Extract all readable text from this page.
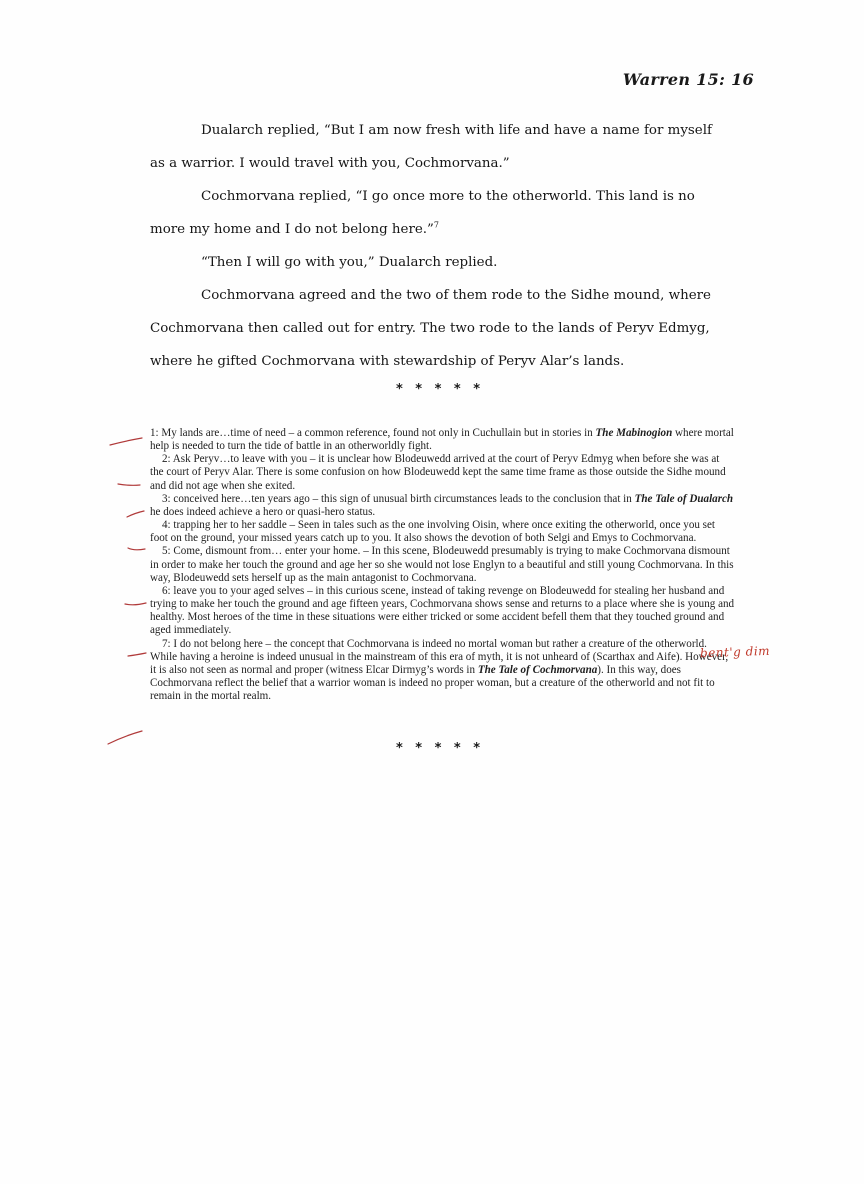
Warren 15: 16

Dualarch replied, “But I am now fresh with life and have a name for myself as a warrior. I would travel with you, Cochmorvana.”

Cochmorvana replied, “I go once more to the otherworld. This land is no more my home and I do not belong here.”$^7$

“Then I will go with you,” Dualarch replied.

Cochmorvana agreed and the two of them rode to the Sidhe mound, where Cochmorvana then called out for entry. The two rode to the lands of Peryv Edmyg, where he gifted Cochmorvana with stewardship of Peryv Alar’s lands.

* * * * *

1: My lands are…time of need – a common reference, found not only in Cuchullain but in stories in The Mabinogion where mortal help is needed to turn the tide of battle in an otherworldly fight.

2: Ask Peryv…to leave with you – it is unclear how Blodeuwedd arrived at the court of Peryv Edmyg when before she was at the court of Peryv Alar. There is some confusion on how Blodeuwedd kept the same time frame as those outside the Sidhe mound and did not age when she exited.

3: conceived here…ten years ago – this sign of unusual birth circumstances leads to the conclusion that in The Tale of Dualarch he does indeed achieve a hero or quasi-hero status.

4: trapping her to her saddle – Seen in tales such as the one involving Oisin, where once exiting the otherworld, once you set foot on the ground, your missed years catch up to you. It also shows the devotion of both Selgi and Emys to Cochmorvana.

5: Come, dismount from… enter your home. – In this scene, Blodeuwedd presumably is trying to make Cochmorvana dismount in order to make her touch the ground and age her so she would not lose Englyn to a beautiful and still young Cochmorvana. In this way, Blodeuwedd sets herself up as the main antagonist to Cochmorvana.

6: leave you to your aged selves – in this curious scene, instead of taking revenge on Blodeuwedd for stealing her husband and trying to make her touch the ground and age fifteen years, Cochmorvana shows sense and returns to a place where she is young and healthy. Most heroes of the time in these situations were either tricked or some accident befell them that they touched ground and aged immediately.

7: I do not belong here – the concept that Cochmorvana is indeed no mortal woman but rather a creature of the otherworld. While having a heroine is indeed unusual in the mainstream of this era of myth, it is not unheard of (Scarthax and Aife). However, it is also not seen as normal and proper (witness Elcar Dirmyg’s words in The Tale of Cochmorvana). In this way, does Cochmorvana reflect the belief that a warrior woman is indeed no proper woman, but a creature of the otherworld and not fit to remain in the mortal realm.

* * * * *
bent'g dim
